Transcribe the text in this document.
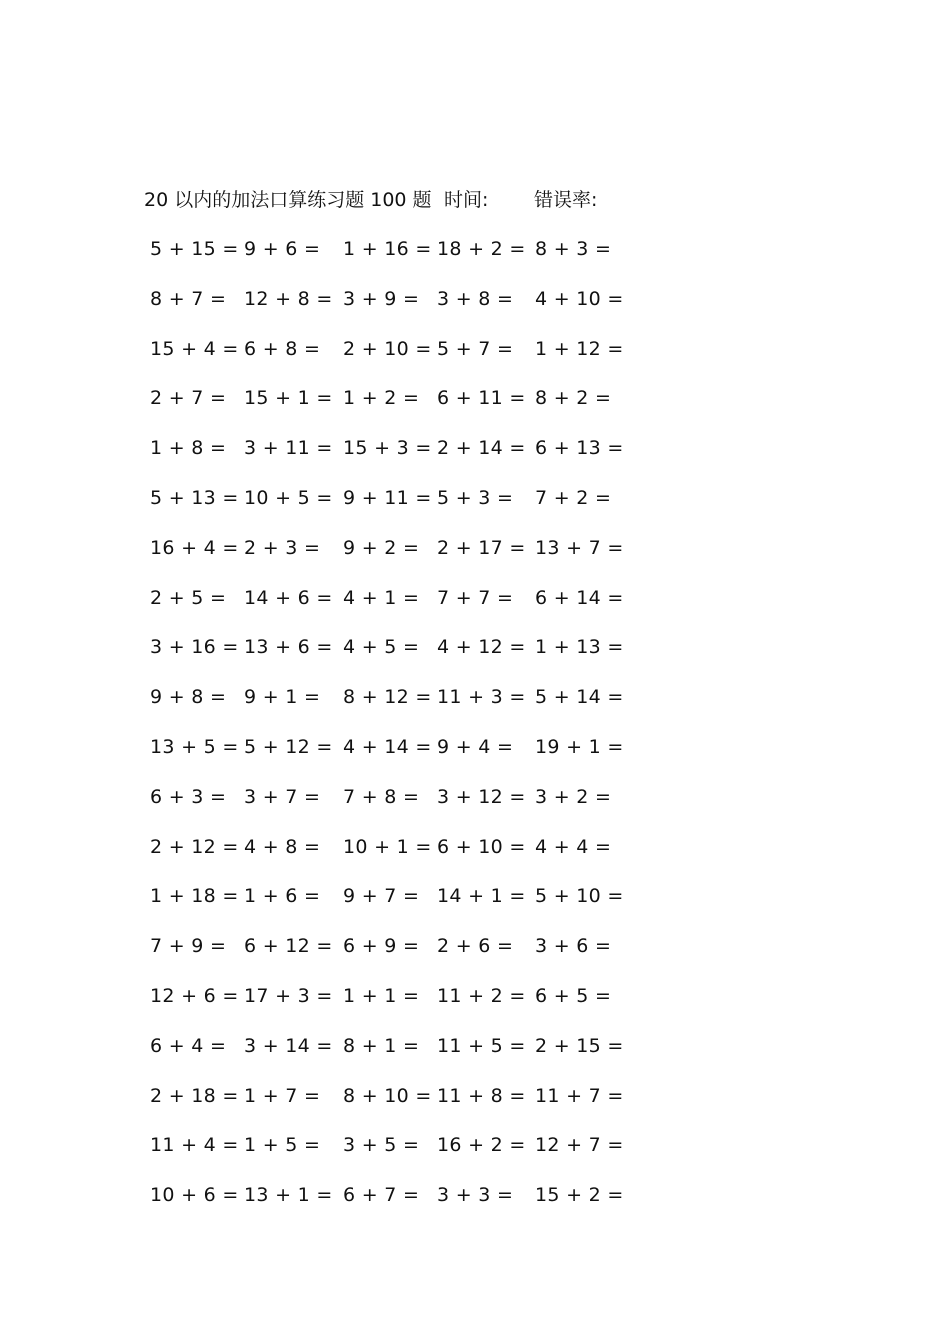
20 以内的加法口算练习题 100 题 时间: 错误率:
5 + 15 = 9 + 6 = 1 + 16 = 18 + 2 = 8 + 3 =
8 + 7 = 12 + 8 = 3 + 9 = 3 + 8 = 4 + 10 =
15 + 4 = 6 + 8 = 2 + 10 = 5 + 7 = 1 + 12 =
2 + 7 = 15 + 1 = 1 + 2 = 6 + 11 = 8 + 2 =
1 + 8 = 3 + 11 = 15 + 3 = 2 + 14 = 6 + 13 =
5 + 13 = 10 + 5 = 9 + 11 = 5 + 3 = 7 + 2 =
16 + 4 = 2 + 3 = 9 + 2 = 2 + 17 = 13 + 7 =
2 + 5 = 14 + 6 = 4 + 1 = 7 + 7 = 6 + 14 =
3 + 16 = 13 + 6 = 4 + 5 = 4 + 12 = 1 + 13 =
9 + 8 = 9 + 1 = 8 + 12 = 11 + 3 = 5 + 14 =
13 + 5 = 5 + 12 = 4 + 14 = 9 + 4 = 19 + 1 =
6 + 3 = 3 + 7 = 7 + 8 = 3 + 12 = 3 + 2 =
2 + 12 = 4 + 8 = 10 + 1 = 6 + 10 = 4 + 4 =
1 + 18 = 1 + 6 = 9 + 7 = 14 + 1 = 5 + 10 =
7 + 9 = 6 + 12 = 6 + 9 = 2 + 6 = 3 + 6 =
12 + 6 = 17 + 3 = 1 + 1 = 11 + 2 = 6 + 5 =
6 + 4 = 3 + 14 = 8 + 1 = 11 + 5 = 2 + 15 =
2 + 18 = 1 + 7 = 8 + 10 = 11 + 8 = 11 + 7 =
11 + 4 = 1 + 5 = 3 + 5 = 16 + 2 = 12 + 7 =
10 + 6 = 13 + 1 = 6 + 7 = 3 + 3 = 15 + 2 =
